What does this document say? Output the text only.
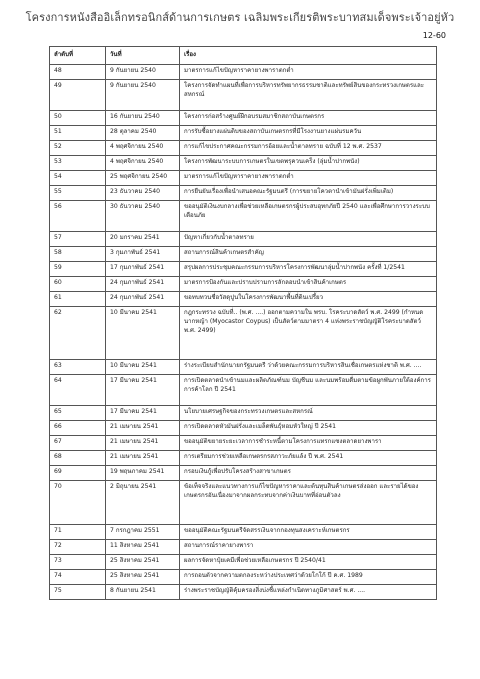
โครงการหนังสืออิเล็กทรอนิกส์ด้านการเกษตร เฉลิมพระเกียรติพระบาทสมเด็จพระเจ้าอยู่หัว
12-60
ลำดับที่	วันที่	เรื่อง
48	9 กันยายน 2540	มาตรการแก้ไขปัญหาราคายางพาราตกต่ำ
49	9 กันยายน 2540	โครงการจัดทำแผนที่เพื่อการบริหารทรัพยากรธรรมชาติและทรัพย์สินของกระทรวงเกษตรและสหกรณ์
50	16 กันยายน 2540	โครงการก่อสร้างศูนย์ฝึกอบรมสมาชิกสถาบันเกษตรกร
51	28 ตุลาคม 2540	การรับซื้อยางแผ่นดิบของสถาบันเกษตรกรที่มีโรงงานยางแผ่นรมควัน
52	4 พฤศจิกายน 2540	การแก้ไขประกาศคณะกรรมการอ้อยและน้ำตาลทราย ฉบับที่ 12 พ.ศ. 2537
53	4 พฤศจิกายน 2540	โครงการพัฒนาระบบการเกษตรในเขตพรุควนเคร็ง (ลุ่มน้ำปากพนัง)
54	25 พฤศจิกายน 2540	มาตรการแก้ไขปัญหาราคายางพาราตกต่ำ
55	23 ธันวาคม 2540	การยืนยันเรื่องเพื่อนำเสนอคณะรัฐมนตรี (การขยายโควตานำเข้ามันฝรั่งเพิ่มเติม)
56	30 ธันวาคม 2540	ขออนุมัติเงินงบกลางเพื่อช่วยเหลือเกษตรกรผู้ประสบอุทกภัยปี 2540 และเพื่อศึกษาการวางระบบเตือนภัย
57	20 มกราคม 2541	ปัญหาเกี่ยวกับน้ำตาลทราย
58	3 กุมภาพันธ์ 2541	สถานการณ์สินค้าเกษตรสำคัญ
59	17 กุมภาพันธ์ 2541	สรุปผลการประชุมคณะกรรมการบริหารโครงการพัฒนาลุ่มน้ำปากพนัง ครั้งที่ 1/2541
60	24 กุมภาพันธ์ 2541	มาตรการป้องกันและปราบปรามการลักลอบนำเข้าสินค้าเกษตร
61	24 กุมภาพันธ์ 2541	ขอทบทวนชื่อวัสดุปูนในโครงการพัฒนาพื้นที่ดินเปรี้ยว
62	10 มีนาคม 2541	กฎกระทรวง ฉบับที่.. (พ.ศ. ....) ออกตามความใน พรบ. โรคระบาดสัตว์ พ.ศ. 2499 (กำหนดนากหญ้า (Myocastor Coypus) เป็นสัตว์ตามมาตรา 4 แห่งพระราชบัญญัติโรคระบาดสัตว์ พ.ศ. 2499)
63	10 มีนาคม 2541	ร่างระเบียบสำนักนายกรัฐมนตรี ว่าด้วยคณะกรรมการบริหารสินเชื่อเกษตรแห่งชาติ พ.ศ. ....
64	17 มีนาคม 2541	การเปิดตลาดนำเข้านมและผลิตภัณฑ์นม บัญชีนม และนมพร้อมดื่มตามข้อผูกพันภายใต้องค์การการค้าโลก ปี 2541
65	17 มีนาคม 2541	นโยบายเศรษฐกิจของกระทรวงเกษตรและสหกรณ์
66	21 เมษายน 2541	การเปิดตลาดหัวมันฝรั่งและเมล็ดพันธุ์หอมหัวใหญ่ ปี 2541
67	21 เมษายน 2541	ขออนุมัติขยายระยะเวลาการชำระหนี้ตามโครงการแทรกแซงตลาดยางพารา
68	21 เมษายน 2541	การเตรียมการช่วยเหลือเกษตรกรสภาวะภัยแล้ง ปี พ.ศ. 2541
69	19 พฤษภาคม 2541	กรอบเงินกู้เพื่อปรับโครงสร้างสาขาเกษตร
70	2 มิถุนายน 2541	ข้อเท็จจริงและแนวทางการแก้ไขปัญหาราคาและต้นทุนสินค้าเกษตรส่งออก และรายได้ของเกษตรกรอันเนื่องมาจากผลกระทบจากค่าเงินบาทที่อ่อนตัวลง
71	7 กรกฎาคม 2551	ขออนุมัติคณะรัฐมนตรีจัดสรรเงินจากกองทุนสงเคราะห์เกษตรกร
72	11 สิงหาคม 2541	สถานการณ์ราคายางพารา
73	25 สิงหาคม 2541	ผลการจัดหาปุ๋ยเคมีเพื่อช่วยเหลือเกษตรกร ปี 2540/41
74	25 สิงหาคม 2541	การถอนตัวจากความตกลงระหว่างประเทศว่าด้วยโกโก้ ปี ค.ศ. 1989
75	8 กันยายน 2541	ร่างพระราชบัญญัติคุ้มครองสิ่งบ่งชี้แหล่งกำเนิดทางภูมิศาสตร์ พ.ศ. ....
